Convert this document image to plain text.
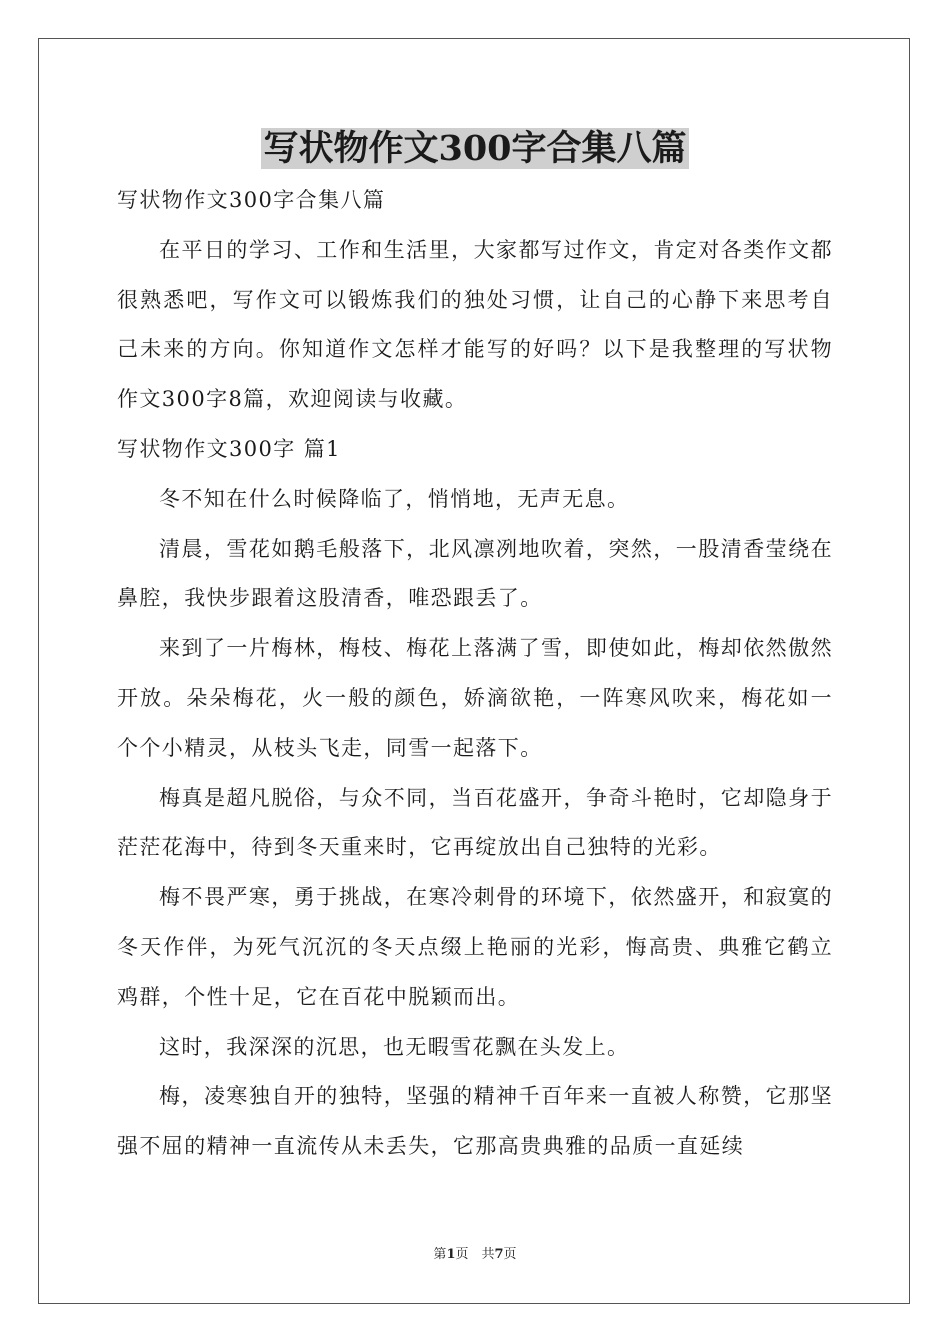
写状物作文300字合集八篇

写状物作文300字合集八篇

在平日的学习、工作和生活里，大家都写过作文，肯定对各类作文都很熟悉吧，写作文可以锻炼我们的独处习惯，让自己的心静下来思考自己未来的方向。你知道作文怎样才能写的好吗？以下是我整理的写状物作文300字8篇，欢迎阅读与收藏。

写状物作文300字 篇1

冬不知在什么时候降临了，悄悄地，无声无息。

清晨，雪花如鹅毛般落下，北风凛冽地吹着，突然，一股清香莹绕在鼻腔，我快步跟着这股清香，唯恐跟丢了。

来到了一片梅林，梅枝、梅花上落满了雪，即使如此，梅却依然傲然开放。朵朵梅花，火一般的颜色，娇滴欲艳，一阵寒风吹来，梅花如一个个小精灵，从枝头飞走，同雪一起落下。

梅真是超凡脱俗，与众不同，当百花盛开，争奇斗艳时，它却隐身于茫茫花海中，待到冬天重来时，它再绽放出自己独特的光彩。

梅不畏严寒，勇于挑战，在寒冷刺骨的环境下，依然盛开，和寂寞的冬天作伴，为死气沉沉的冬天点缀上艳丽的光彩，悔高贵、典雅它鹤立鸡群，个性十足，它在百花中脱颖而出。

这时，我深深的沉思，也无暇雪花飘在头发上。

梅，凌寒独自开的独特，坚强的精神千百年来一直被人称赞，它那坚强不屈的精神一直流传从未丢失，它那高贵典雅的品质一直延续

第1页　共7页
